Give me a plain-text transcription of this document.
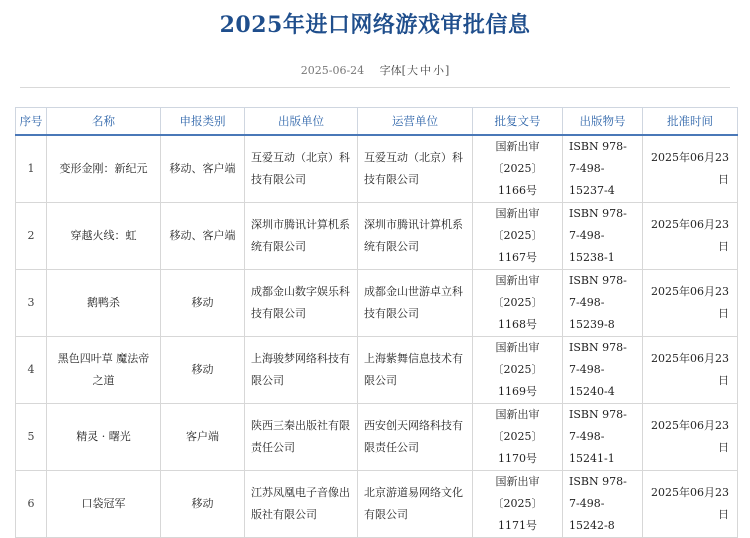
2025年进口网络游戏审批信息
2025-06-24 字体[大 中 小]
序号	名称	申报类别	出版单位	运营单位	批复文号	出版物号	批准时间
1	变形金刚：新纪元	移动、客户端	互爱互动（北京）科技有限公司	互爱互动（北京）科技有限公司	国新出审〔2025〕1166号	ISBN 978-7-498-15237-4	2025年06月23日
2	穿越火线：虹	移动、客户端	深圳市腾讯计算机系统有限公司	深圳市腾讯计算机系统有限公司	国新出审〔2025〕1167号	ISBN 978-7-498-15238-1	2025年06月23日
3	鹅鸭杀	移动	成都金山数字娱乐科技有限公司	成都金山世游卓立科技有限公司	国新出审〔2025〕1168号	ISBN 978-7-498-15239-8	2025年06月23日
4	黑色四叶草 魔法帝之道	移动	上海骏梦网络科技有限公司	上海紫舞信息技术有限公司	国新出审〔2025〕1169号	ISBN 978-7-498-15240-4	2025年06月23日
5	精灵 · 曙光	客户端	陕西三秦出版社有限责任公司	西安创天网络科技有限责任公司	国新出审〔2025〕1170号	ISBN 978-7-498-15241-1	2025年06月23日
6	口袋冠军	移动	江苏凤凰电子音像出版社有限公司	北京游道易网络文化有限公司	国新出审〔2025〕1171号	ISBN 978-7-498-15242-8	2025年06月23日
